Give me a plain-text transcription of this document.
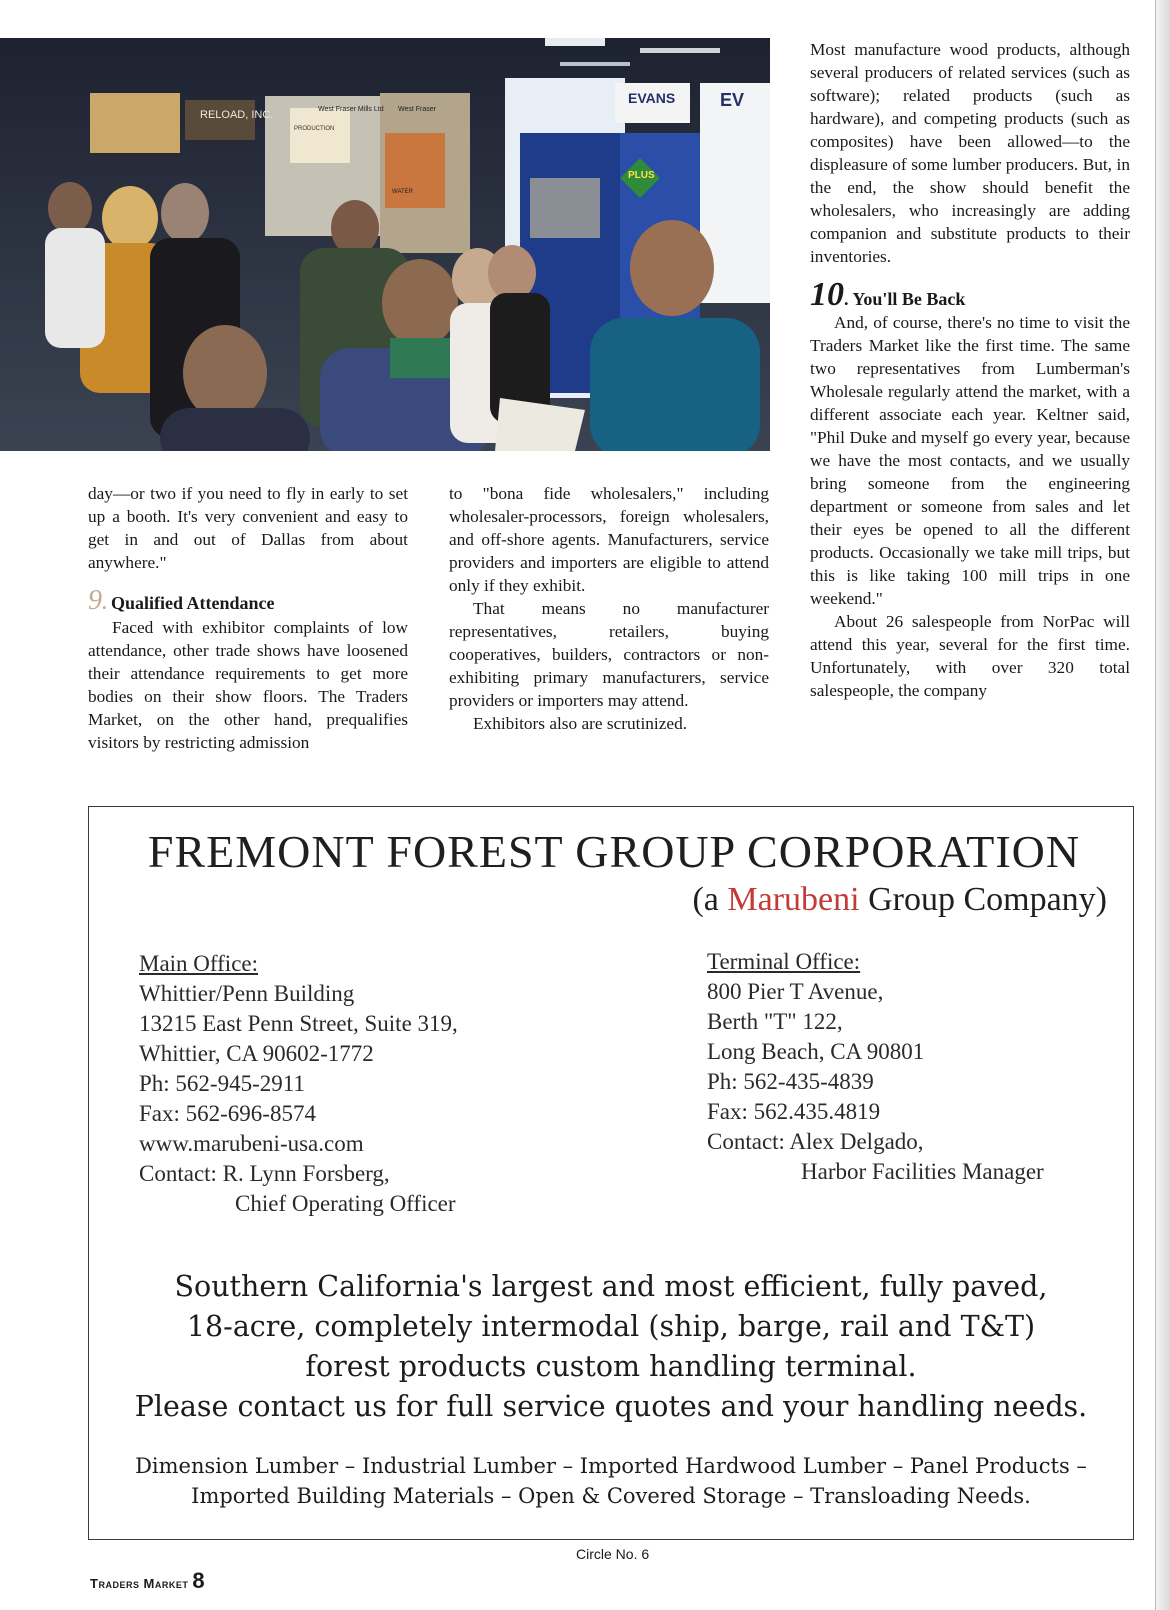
RELOAD, INC.	West Fraser Mills Ltd West Fraser
EVANS EV
PLUS
PRODUCTION
WATER

day—or two if you need to fly in early to set up a booth. It's very convenient and easy to get in and out of Dallas from about anywhere."

9. Qualified Attendance

Faced with exhibitor complaints of low attendance, other trade shows have loosened their attendance requirements to get more bodies on their show floors. The Traders Market, on the other hand, prequalifies visitors by restricting admission

to "bona fide wholesalers," including wholesaler-processors, foreign wholesalers, and off-shore agents. Manufacturers, service providers and importers are eligible to attend only if they exhibit.

That means no manufacturer representatives, retailers, buying cooperatives, builders, contractors or non-exhibiting primary manufacturers, service providers or importers may attend.

Exhibitors also are scrutinized.

Most manufacture wood products, although several producers of related services (such as software); related products (such as hardware), and competing products (such as composites) have been allowed—to the displeasure of some lumber producers. But, in the end, the show should benefit the wholesalers, who increasingly are adding companion and substitute products to their inventories.

10. You'll Be Back

And, of course, there's no time to visit the Traders Market like the first time. The same two representatives from Lumberman's Wholesale regularly attend the market, with a different associate each year. Keltner said, "Phil Duke and myself go every year, because we have the most contacts, and we usually bring someone from the engineering department or someone from sales and let their eyes be opened to all the different products. Occasionally we take mill trips, but this is like taking 100 mill trips in one weekend."

About 26 salespeople from NorPac will attend this year, several for the first time. Unfortunately, with over 320 total salespeople, the company

FREMONT FOREST GROUP CORPORATION
(a Marubeni Group Company)
Main Office:
Whittier/Penn Building
13215 East Penn Street, Suite 319,
Whittier, CA 90602-1772
Ph: 562-945-2911
Fax: 562-696-8574
www.marubeni-usa.com
Contact: R. Lynn Forsberg,
Chief Operating Officer
Terminal Office:
800 Pier T Avenue,
Berth "T" 122,
Long Beach, CA 90801
Ph: 562-435-4839
Fax: 562.435.4819
Contact: Alex Delgado,
Harbor Facilities Manager
Southern California's largest and most efficient, fully paved,
18-acre, completely intermodal (ship, barge, rail and T&T)
forest products custom handling terminal.
Please contact us for full service quotes and your handling needs.
Dimension Lumber – Industrial Lumber – Imported Hardwood Lumber – Panel Products –
Imported Building Materials – Open & Covered Storage – Transloading Needs.
Circle No. 6
Traders Market 8
